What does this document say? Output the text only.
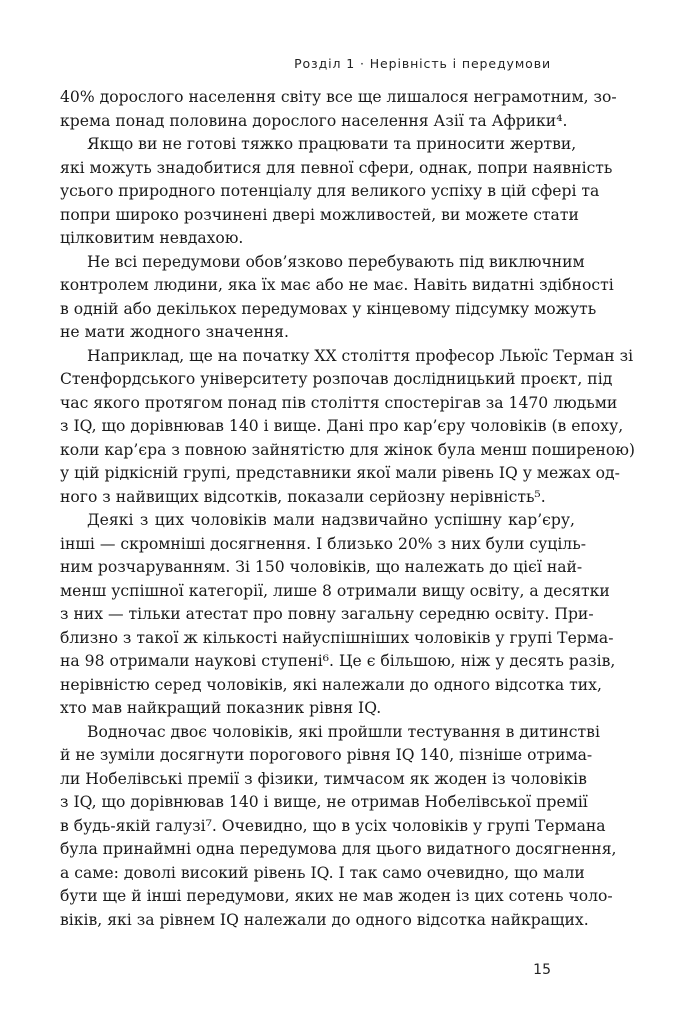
Розділ 1 · Нерівність і передумови
40% дорослого населення світу все ще лишалося неграмотним, зо-
крема понад половина дорослого населення Азії та Африки⁴.
Якщо ви не готові тяжко працювати та приносити жертви,
які можуть знадобитися для певної сфери, однак, попри наявність
усього природного потенціалу для великого успіху в цій сфері та
попри широко розчинені двері можливостей, ви можете стати
цілковитим невдахою.
Не всі передумови обов’язково перебувають під виключним
контролем людини, яка їх має або не має. Навіть видатні здібності
в одній або декількох передумовах у кінцевому підсумку можуть
не мати жодного значення.
Наприклад, ще на початку XX століття професор Льюїс Терман зі
Стенфордського університету розпочав дослідницький проєкт, під
час якого протягом понад пів століття спостерігав за 1470 людьми
з IQ, що дорівнював 140 і вище. Дані про кар’єру чоловіків (в епоху,
коли кар’єра з повною зайнятістю для жінок була менш поширеною)
у цій рідкісній групі, представники якої мали рівень IQ у межах од-
ного з найвищих відсотків, показали серйозну нерівність⁵.
Деякі з цих чоловіків мали надзвичайно успішну кар’єру,
інші — скромніші досягнення. І близько 20% з них були суціль-
ним розчаруванням. Зі 150 чоловіків, що належать до цієї най-
менш успішної категорії, лише 8 отримали вищу освіту, а десятки
з них — тільки атестат про повну загальну середню освіту. При-
близно з такої ж кількості найуспішніших чоловіків у групі Терма-
на 98 отримали наукові ступені⁶. Це є більшою, ніж у десять разів,
нерівністю серед чоловіків, які належали до одного відсотка тих,
хто мав найкращий показник рівня IQ.
Водночас двоє чоловіків, які пройшли тестування в дитинстві
й не зуміли досягнути порогового рівня IQ 140, пізніше отрима-
ли Нобелівські премії з фізики, тимчасом як жоден із чоловіків
з IQ, що дорівнював 140 і вище, не отримав Нобелівської премії
в будь-якій галузі⁷. Очевидно, що в усіх чоловіків у групі Термана
була принаймні одна передумова для цього видатного досягнення,
а саме: доволі високий рівень IQ. І так само очевидно, що мали
бути ще й інші передумови, яких не мав жоден із цих сотень чоло-
віків, які за рівнем IQ належали до одного відсотка найкращих.
15
